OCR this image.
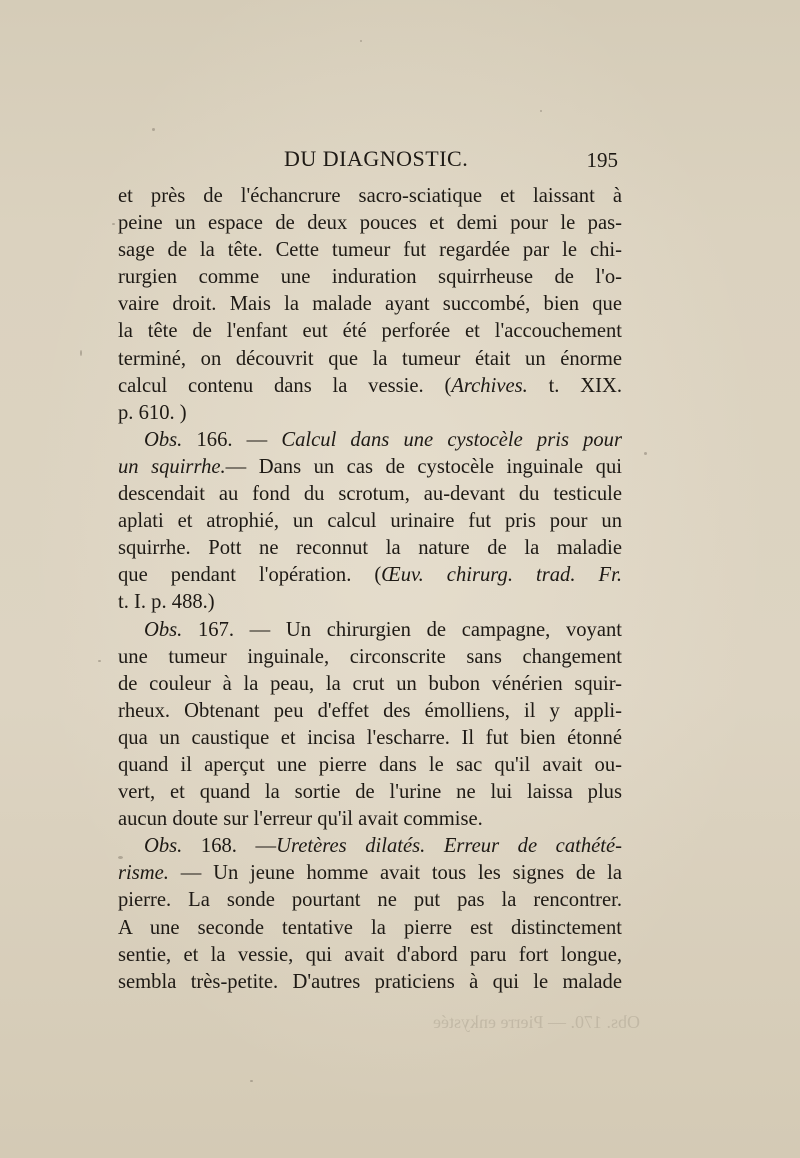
DU DIAGNOSTIC.	195
et près de l'échancrure sacro-sciatique et laissant à
peine un espace de deux pouces et demi pour le pas-
sage de la tête. Cette tumeur fut regardée par le chi-
rurgien comme une induration squirrheuse de l'o-
vaire droit. Mais la malade ayant succombé, bien que
la tête de l'enfant eut été perforée et l'accouchement
terminé, on découvrit que la tumeur était un énorme
calcul contenu dans la vessie. (Archives. t. XIX.
p. 610. )
Obs. 166. — Calcul dans une cystocèle pris pour
un squirrhe.— Dans un cas de cystocèle inguinale qui
descendait au fond du scrotum, au-devant du testicule
aplati et atrophié, un calcul urinaire fut pris pour un
squirrhe. Pott ne reconnut la nature de la maladie
que pendant l'opération. (Œuv. chirurg. trad. Fr.
t. I. p. 488.)
Obs. 167. — Un chirurgien de campagne, voyant
une tumeur inguinale, circonscrite sans changement
de couleur à la peau, la crut un bubon vénérien squir-
rheux. Obtenant peu d'effet des émolliens, il y appli-
qua un caustique et incisa l'escharre. Il fut bien étonné
quand il aperçut une pierre dans le sac qu'il avait ou-
vert, et quand la sortie de l'urine ne lui laissa plus
aucun doute sur l'erreur qu'il avait commise.
Obs. 168. —Uretères dilatés. Erreur de cathété-
risme. — Un jeune homme avait tous les signes de la
pierre. La sonde pourtant ne put pas la rencontrer.
A une seconde tentative la pierre est distinctement
sentie, et la vessie, qui avait d'abord paru fort longue,
sembla très-petite. D'autres praticiens à qui le malade
Obs. 170. — Pierre enkystée
